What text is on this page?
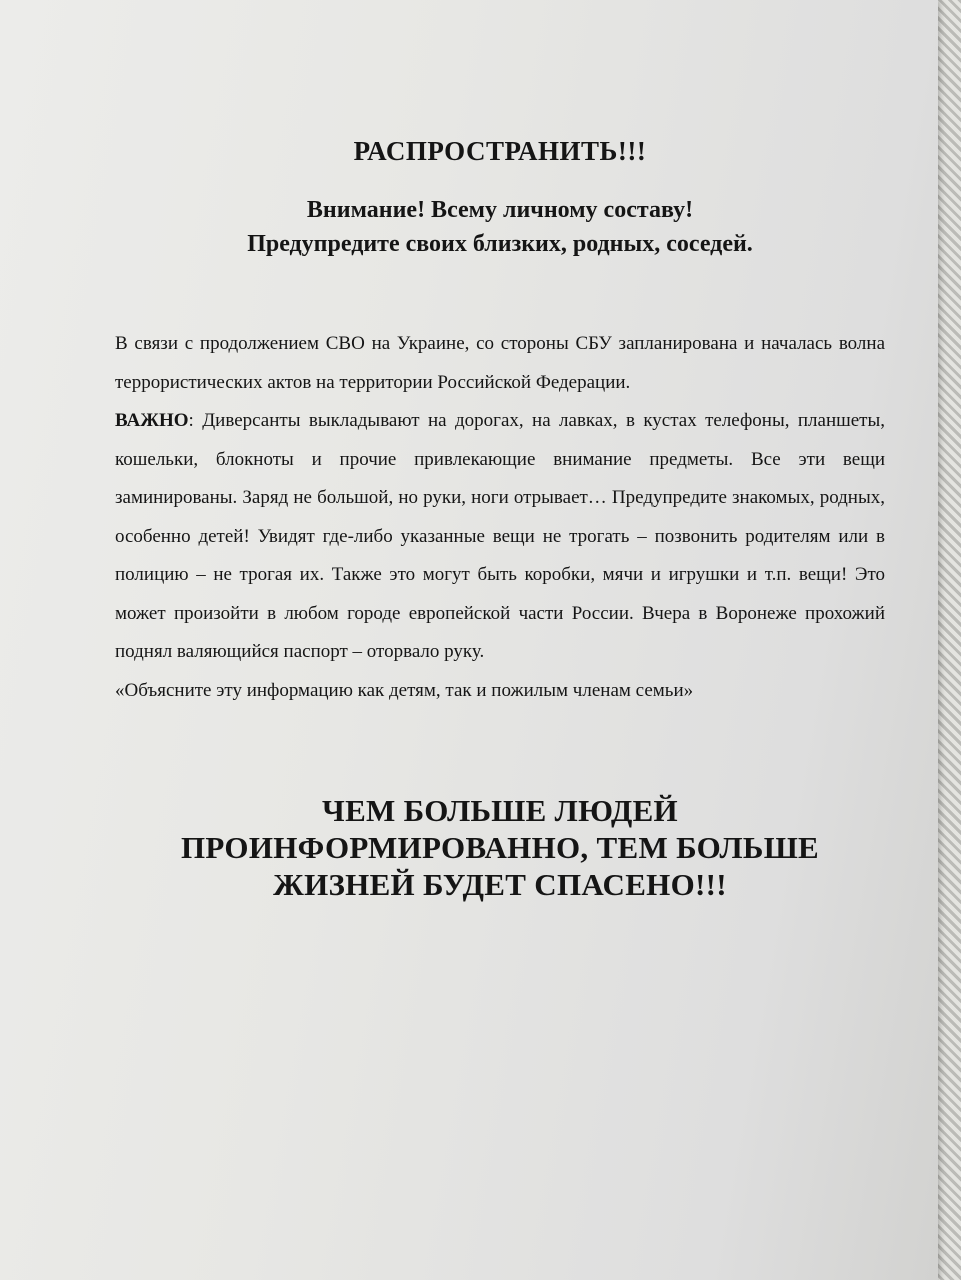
РАСПРОСТРАНИТЬ!!!
Внимание! Всему личному составу!
Предупредите своих близких, родных, соседей.

В связи с продолжением СВО на Украине, со стороны СБУ запланирована и началась волна террористических актов на территории Российской Федерации.

ВАЖНО: Диверсанты выкладывают на дорогах, на лавках, в кустах телефоны, планшеты, кошельки, блокноты и прочие привлекающие внимание предметы. Все эти вещи заминированы. Заряд не большой, но руки, ноги отрывает… Предупредите знакомых, родных, особенно детей! Увидят где-либо указанные вещи не трогать – позвонить родителям или в полицию – не трогая их. Также это могут быть коробки, мячи и игрушки и т.п. вещи! Это может произойти в любом городе европейской части России. Вчера в Воронеже прохожий поднял валяющийся паспорт – оторвало руку.

«Объясните эту информацию как детям, так и пожилым членам семьи»

ЧЕМ БОЛЬШЕ ЛЮДЕЙ
ПРОИНФОРМИРОВАННО, ТЕМ БОЛЬШЕ
ЖИЗНЕЙ БУДЕТ СПАСЕНО!!!
